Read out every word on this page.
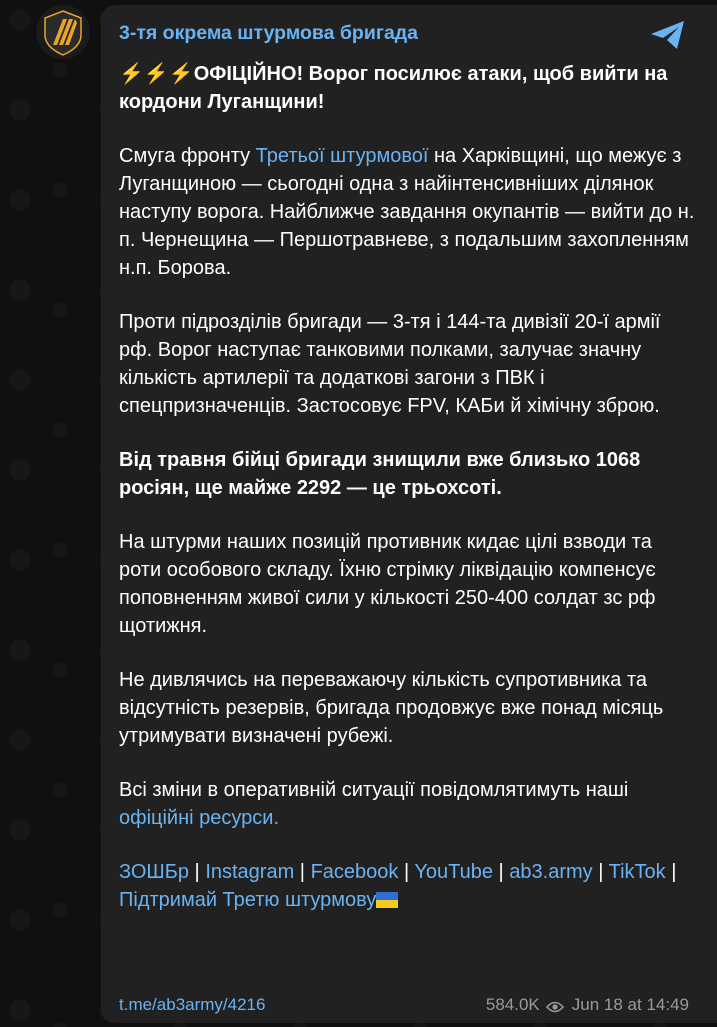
3-тя окрема штурмова бригада

⚡⚡⚡ОФІЦІЙНО! Ворог посилює атаки, щоб вийти на кордони Луганщини!

Смуга фронту Третьої штурмової на Харківщині, що межує з Луганщиною — сьогодні одна з найінтенсивніших ділянок наступу ворога. Найближче завдання окупантів — вийти до н. п. Чернещина — Першотравневе, з подальшим захопленням н.п. Борова.

Проти підрозділів бригади — 3-тя і 144-та дивізії 20-ї армії рф. Ворог наступає танковими полками, залучає значну кількість артилерії та додаткові загони з ПВК і спецпризначенців. Застосовує FPV, КАБи й хімічну зброю.

Від травня бійці бригади знищили вже близько 1068 росіян, ще майже 2292 — це трьохсоті.

На штурми наших позицій противник кидає цілі взводи та роти особового складу. Їхню стрімку ліквідацію компенсує поповненням живої сили у кількості 250-400 солдат зс рф щотижня.

Не дивлячись на переважаючу кількість супротивника та відсутність резервів, бригада продовжує вже понад місяць утримувати визначені рубежі.

Всі зміни в оперативній ситуації повідомлятимуть наші офіційні ресурси.

ЗОШБр | Instagram | Facebook | YouTube | ab3.army | TikTok | Підтримай Третю штурмову

t.me/ab3army/4216	584.0K Jun 18 at 14:49
